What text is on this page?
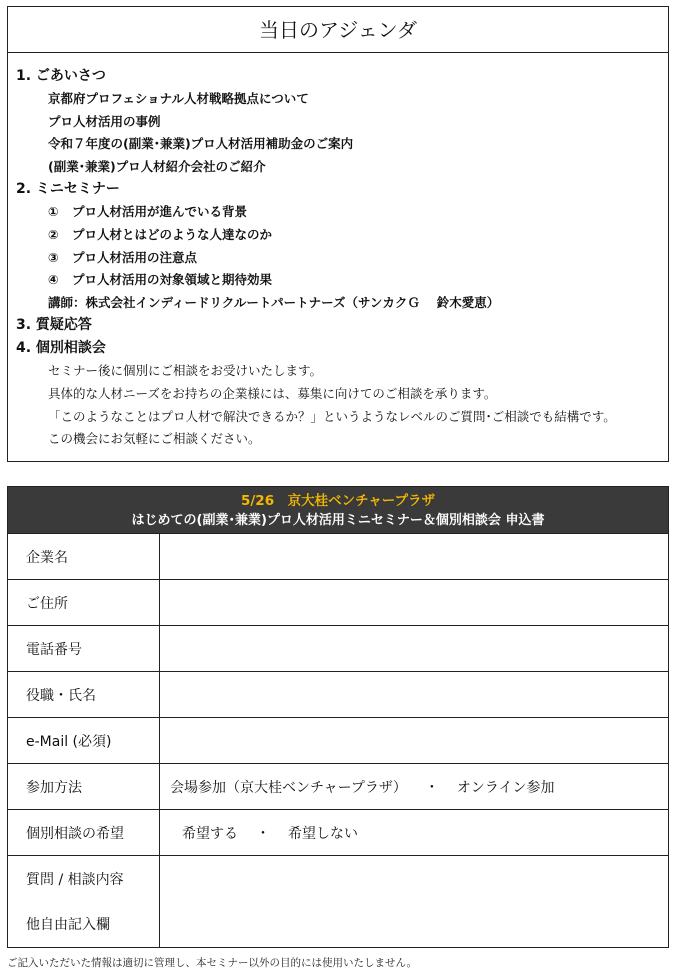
当日のアジェンダ
1. ごあいさつ
京都府プロフェショナル人材戦略拠点について
プロ人材活用の事例
令和７年度の(副業･兼業)プロ人材活用補助金のご案内
(副業･兼業)プロ人材紹介会社のご紹介
2. ミニセミナー
① プロ人材活用が進んでいる背景
② プロ人材とはどのような人達なのか
③ プロ人材活用の注意点
④ プロ人材活用の対象領域と期待効果
講師：株式会社インディードリクルートパートナーズ（サンカクＧ　 鈴木愛恵）
3. 質疑応答
4. 個別相談会
セミナー後に個別にご相談をお受けいたします。
具体的な人材ニーズをお持ちの企業様には、募集に向けてのご相談を承ります。
「このようなことはプロ人材で解決できるか？」というようなレベルのご質問･ご相談でも結構です。
この機会にお気軽にご相談ください。
5/26　京大桂ベンチャープラザ
はじめての(副業･兼業)プロ人材活用ミニセミナー＆個別相談会 申込書
企業名
ご住所
電話番号
役職・氏名
e-Mail (必須)
参加方法	会場参加（京大桂ベンチャープラザ） ・ オンライン参加
個別相談の希望	希望する ・ 希望しない
質問 / 相談内容
他自由記入欄
ご記入いただいた情報は適切に管理し、本セミナー以外の目的には使用いたしません。
